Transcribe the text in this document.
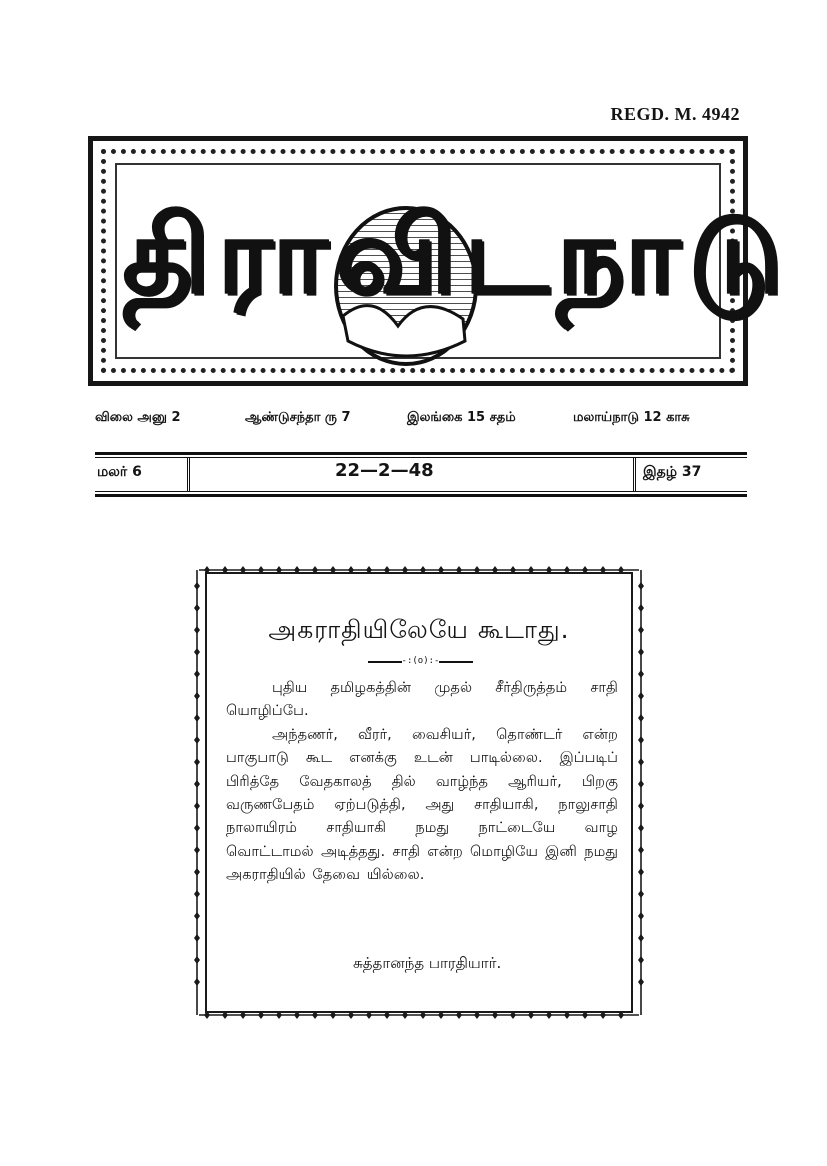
REGD. M. 4942
திராவிடநாடு
விலை அனு 2	ஆண்டுசந்தா ரு 7	இலங்கை 15 சதம்	மலாய்நாடு 12 காசு
மலர் 6	22—2—48	இதழ் 37
அகராதியிலேயே கூடாது.
-:(o):-

புதிய தமிழகத்தின் முதல் சீர்திருத்தம் சாதி யொழிப்பே.

அந்தணர், வீரர், வைசியர், தொண்டர் என்ற பாகுபாடு கூட எனக்கு உடன் பாடில்லை. இப்படிப் பிரித்தே வேதகாலத் தில் வாழ்ந்த ஆரியர், பிறகு வருணபேதம் ஏற்படுத்தி, அது சாதியாகி, நாலுசாதி நாலாயிரம் சாதியாகி நமது நாட்டையே வாழ வொட்டாமல் அடித்தது. சாதி என்ற மொழியே இனி நமது அகராதியில் தேவை யில்லை.

சுத்தானந்த பாரதியார்.
